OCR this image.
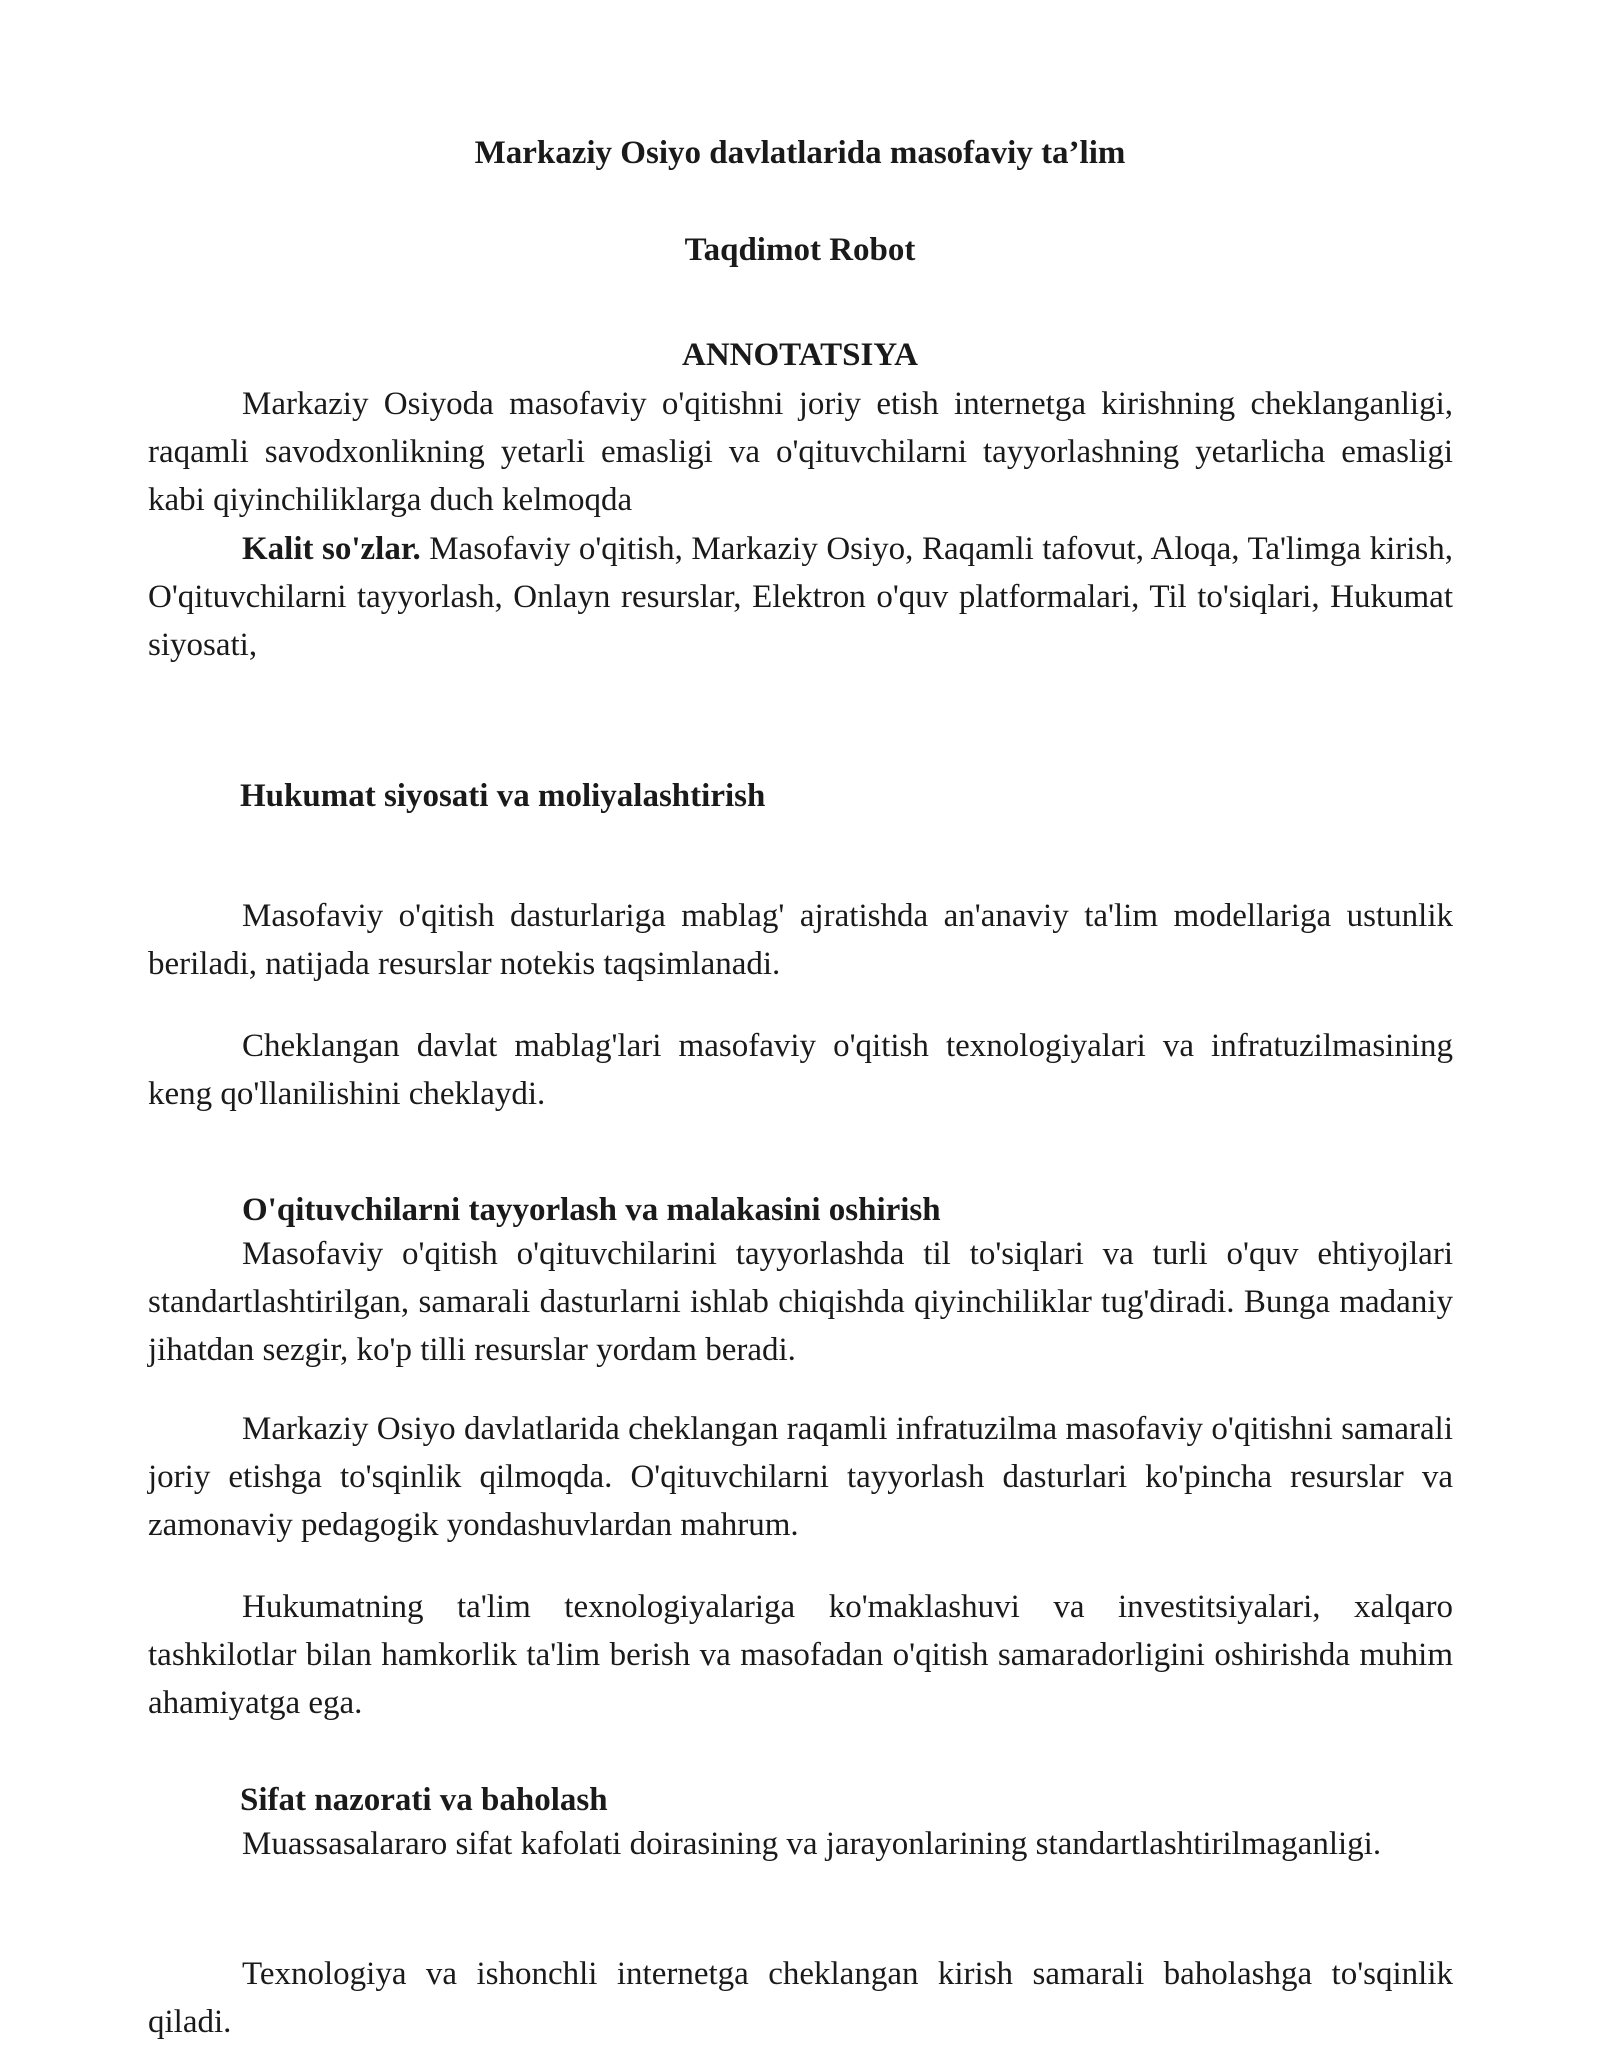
Markaziy Osiyo davlatlarida masofaviy ta’lim
Taqdimot Robot
ANNOTATSIYA

Markaziy Osiyoda masofaviy o'qitishni joriy etish internetga kirishning cheklanganligi, raqamli savodxonlikning yetarli emasligi va o'qituvchilarni tayyorlashning yetarlicha emasligi kabi qiyinchiliklarga duch kelmoqda

Kalit so'zlar. Masofaviy o'qitish, Markaziy Osiyo, Raqamli tafovut, Aloqa, Ta'limga kirish, O'qituvchilarni tayyorlash, Onlayn resurslar, Elektron o'quv platformalari, Til to'siqlari, Hukumat siyosati,

Hukumat siyosati va moliyalashtirish

Masofaviy o'qitish dasturlariga mablag' ajratishda an'anaviy ta'lim modellariga ustunlik beriladi, natijada resurslar notekis taqsimlanadi.

Cheklangan davlat mablag'lari masofaviy o'qitish texnologiyalari va infratuzilmasining keng qo'llanilishini cheklaydi.

O'qituvchilarni tayyorlash va malakasini oshirish

Masofaviy o'qitish o'qituvchilarini tayyorlashda til to'siqlari va turli o'quv ehtiyojlari standartlashtirilgan, samarali dasturlarni ishlab chiqishda qiyinchiliklar tug'diradi. Bunga madaniy jihatdan sezgir, ko'p tilli resurslar yordam beradi.

Markaziy Osiyo davlatlarida cheklangan raqamli infratuzilma masofaviy o'qitishni samarali joriy etishga to'sqinlik qilmoqda. O'qituvchilarni tayyorlash dasturlari ko'pincha resurslar va zamonaviy pedagogik yondashuvlardan mahrum.

Hukumatning ta'lim texnologiyalariga ko'maklashuvi va investitsiyalari, xalqaro tashkilotlar bilan hamkorlik ta'lim berish va masofadan o'qitish samaradorligini oshirishda muhim ahamiyatga ega.

Sifat nazorati va baholash

Muassasalararo sifat kafolati doirasining va jarayonlarining standartlashtirilmaganligi.

Texnologiya va ishonchli internetga cheklangan kirish samarali baholashga to'sqinlik qiladi.
